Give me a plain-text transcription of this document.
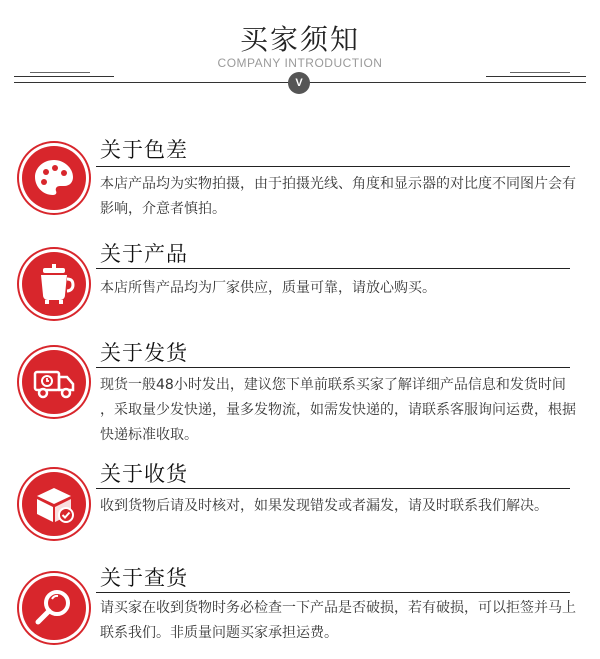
买家须知
COMPANY INTRODUCTION
V
关于色差
本店产品均为实物拍摄，由于拍摄光线、角度和显示器的对比度不同图片会有影响，介意者慎拍。
关于产品
本店所售产品均为厂家供应，质量可靠，请放心购买。
关于发货
现货一般48小时发出，建议您下单前联系买家了解详细产品信息和发货时间 ，采取量少发快递，量多发物流，如需发快递的，请联系客服询问运费，根据快递标准收取。
关于收货
收到货物后请及时核对，如果发现错发或者漏发，请及时联系我们解决。
关于查货
请买家在收到货物时务必检查一下产品是否破损，若有破损，可以拒签并马上联系我们。非质量问题买家承担运费。
